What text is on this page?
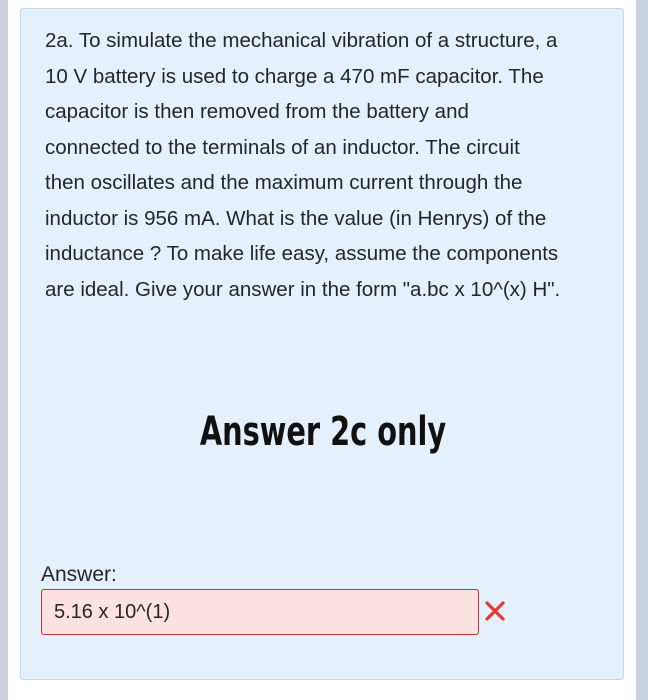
2a. To simulate the mechanical vibration of a structure, a 10 V battery is used to charge a 470 mF capacitor. The capacitor is then removed from the battery and connected to the terminals of an inductor. The circuit then oscillates and the maximum current through the inductor is 956 mA. What is the value (in Henrys) of the inductance ? To make life easy, assume the components are ideal. Give your answer in the form "a.bc x 10^(x) H".

Answer 2c only
Answer:
5.16 x 10^(1)
